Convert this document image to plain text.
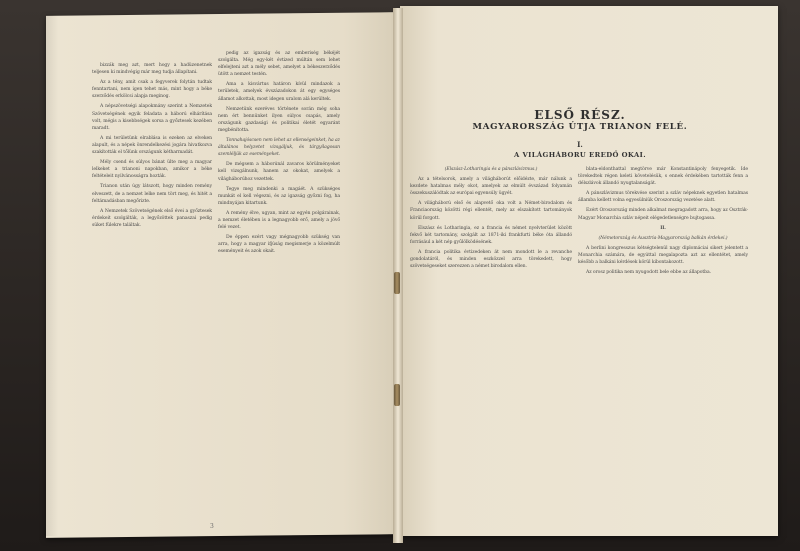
bizzák meg azt, mert hogy a hadüzenetnek teljesen ki mindvégig már meg tudja állapítani.

Az a tény, amit csak a fegyverek folytán tudtak fenntartani, nem igen tehet más, mint hogy a béke szerződés erkölcsi alapja meginog.

A népszövetségi alapokmány szerint a Nemzetek Szövetségének egyik feladata a háború elhárítása volt, mégis a kisebbségek sorsa a győztesek kezében maradt.

A mi területünk elrablása is ezeken az elveken alapult, és a népek önrendelkezési jogára hivatkozva szakították el tőlünk országunk kétharmadát.

Mély csend és súlyos bánat ülte meg a magyar lelkeket a trianoni napokban, amikor a béke feltételeit nyilvánosságra hozták.

Trianon után úgy látszott, hogy minden remény elveszett, de a nemzet lelke nem tört meg, és hitét a feltámadásban megőrizte.

A Nemzetek Szövetségének első évei a győztesek érdekeit szolgálták, a legyőzöttek panaszai pedig süket fülekre találtak.

pedig az igazság és az emberiség békéjét szolgálta. Még egy-két évtized múltán sem lehet elfelejteni azt a mély sebet, amelyet a békeszerződés ütött a nemzet testén.

Ama a kisvártus határon kívül mindazok a területek, amelyek évszázadokon át egy egységes államot alkottak, most idegen uralom alá kerültek.

Nemzetünk ezeréves története során még soha nem ért bennünket ilyen súlyos csapás, amely országunk gazdasági és politikai életét egyaránt megbénította.

Tonnahajóscsen nem lehet az ellenségeinket, ha az általános helyzetet vizsgáljuk, és tárgyilagosan szemléljük az eseményeket.

De mégsem a háborúnál zavaros körülményeket kell vizsgálnunk, hanem az okokat, amelyek a világháborúhoz vezettek.

Tegye meg mindenki a magáét. A szükséges munkát el kell végezni, és az igazság győzni fog, ha mindnyájan kitartunk.

A remény élve, ugyan, mint az egyén polgárainak, a nemzet életében is a legnagyobb erő, amely a jövő felé vezet.

De éppen ezért vagy mégnagyobb szükség van arra, hogy a magyar ifjúság megismerje a közelmúlt eseményeit és azok okait.

3
ELSŐ RÉSZ.
MAGYARORSZÁG ÚTJA TRIANON FELÉ.
I.
A VILÁGHÁBORU EREDŐ OKAI.

(Elszász-Lotharingia és a pánszlávizmus.)

Az a tételsorok, amely a világháborút előidézte, már nálunk a kezdete hatalmas mély okot, amelyek az elmúlt évszázad folyamán összekuszálódtak az európai egyensúly ügyét.

A világháború első és alapvető oka volt a Német-birodalom és Franciaország közötti régi ellentét, mely az elszakított tartományok körül forgott.

Elszász és Lotharingia, ez a francia és német nyelvterület között fekvő két tartomány, szolgált az 1871-iki frankfurti béke óta állandó forrásául a két nép gyűlölködésének.

A francia politika évtizedeken át nem mondott le a revanche gondolatáról, és minden eszközzel arra törekedett, hogy szövetségeseket szerezzen a német birodalom ellen.

blata-eldonthattal megtörve már Konstantinápoly fenyegetik. Ide törekedtek régen keleti követelésük, s ennek érdekében tartották fenn a délszlávok állandó nyugtalanságát.

A pánszlávizmus törekvése szerint a szláv népeknek egyetlen hatalmas államba kellett volna egyesülniük Oroszország vezetése alatt.

Ezért Oroszország minden alkalmat megragadott arra, hogy az Osztrák-Magyar Monarchia szláv népeit elégedetlenségre bujtogassa.

II.

(Németország és Ausztria-Magyarország balkán érdekei.)

A berlini kongresszus kétségtelenül nagy diplomáciai sikert jelentett a Monarchia számára, de egyúttal megalapozta azt az ellentétet, amely később a balkáni kérdések körül kibontakozott.

Az orosz politika nem nyugodott bele ebbe az állapotba.
